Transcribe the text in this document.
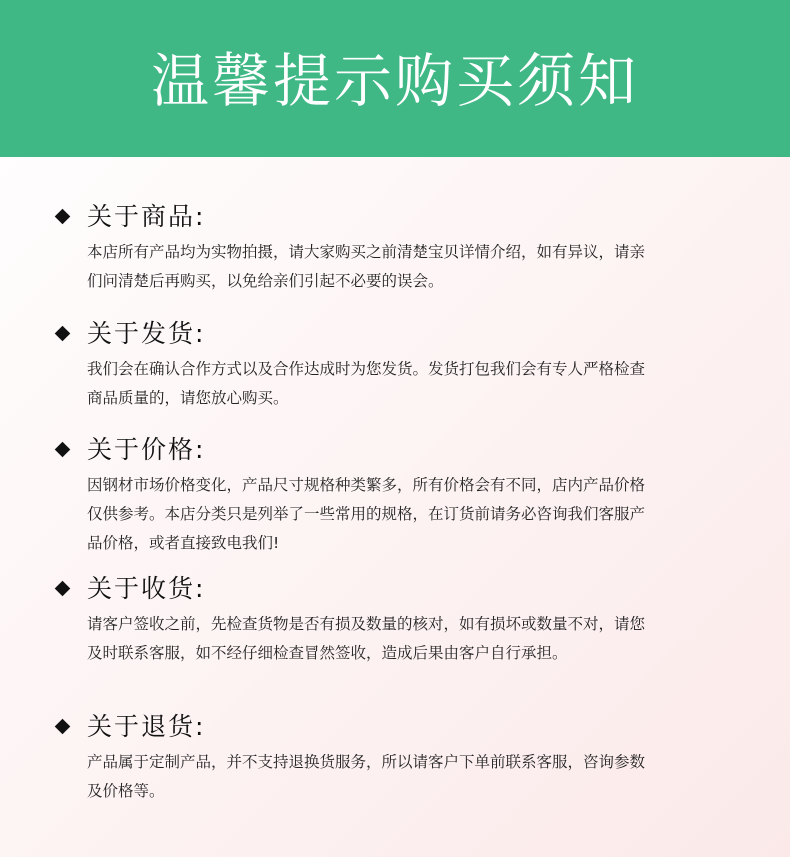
温馨提示购买须知
关于商品:
本店所有产品均为实物拍摄，请大家购买之前清楚宝贝详情介绍，如有异议，请亲
们问清楚后再购买，以免给亲们引起不必要的误会。
关于发货:
我们会在确认合作方式以及合作达成时为您发货。发货打包我们会有专人严格检查
商品质量的，请您放心购买。
关于价格:
因钢材市场价格变化，产品尺寸规格种类繁多，所有价格会有不同，店内产品价格
仅供参考。本店分类只是列举了一些常用的规格，在订货前请务必咨询我们客服产
品价格，或者直接致电我们!
关于收货:
请客户签收之前，先检查货物是否有损及数量的核对，如有损坏或数量不对，请您
及时联系客服，如不经仔细检查冒然签收，造成后果由客户自行承担。
关于退货:
产品属于定制产品，并不支持退换货服务，所以请客户下单前联系客服，咨询参数
及价格等。
